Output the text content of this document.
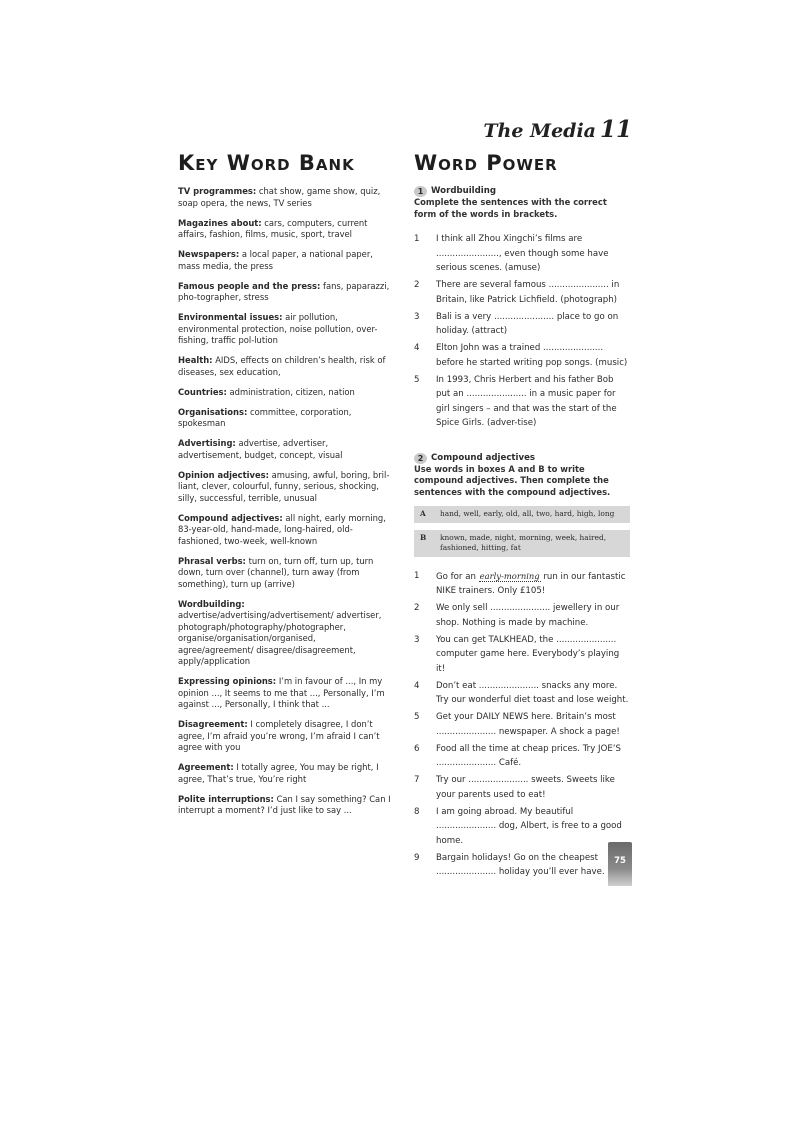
The Media 11
Key Word Bank
TV programmes: chat show, game show, quiz, soap opera, the news, TV series
Magazines about: cars, computers, current affairs, fashion, films, music, sport, travel
Newspapers: a local paper, a national paper, mass media, the press
Famous people and the press: fans, paparazzi, pho-tographer, stress
Environmental issues: air pollution, environmental protection, noise pollution, over-fishing, traffic pol-lution
Health: AIDS, effects on children’s health, risk of diseases, sex education,
Countries: administration, citizen, nation
Organisations: committee, corporation, spokesman
Advertising: advertise, advertiser, advertisement, budget, concept, visual
Opinion adjectives: amusing, awful, boring, bril-liant, clever, colourful, funny, serious, shocking, silly, successful, terrible, unusual
Compound adjectives: all night, early morning, 83-year-old, hand-made, long-haired, old-fashioned, two-week, well-known
Phrasal verbs: turn on, turn off, turn up, turn down, turn over (channel), turn away (from something), turn up (arrive)
Wordbuilding: advertise/advertising/advertisement/ advertiser, photograph/photography/photographer, organise/organisation/organised, agree/agreement/ disagree/disagreement, apply/application
Expressing opinions: I’m in favour of ..., In my opinion ..., It seems to me that ..., Personally, I’m against ..., Personally, I think that ...
Disagreement: I completely disagree, I don’t agree, I’m afraid you’re wrong, I’m afraid I can’t agree with you
Agreement: I totally agree, You may be right, I agree, That’s true, You’re right
Polite interruptions: Can I say something? Can I interrupt a moment? I’d just like to say ...
Word Power
1 Wordbuilding
Complete the sentences with the correct form of the words in brackets.
1	I think all Zhou Xingchi’s films are ......................., even though some have serious scenes. (amuse)
2	There are several famous ...................... in Britain, like Patrick Lichfield. (photograph)
3	Bali is a very ...................... place to go on holiday. (attract)
4	Elton John was a trained ...................... before he started writing pop songs. (music)
5	In 1993, Chris Herbert and his father Bob put an ...................... in a music paper for girl singers – and that was the start of the Spice Girls. (adver-tise)
2 Compound adjectives
Use words in boxes A and B to write compound adjectives. Then complete the sentences with the compound adjectives.
A	hand, well, early, old, all, two, hard, high, long
B	known, made, night, morning, week, haired, fashioned, hitting, fat
1	Go for an early-morning run in our fantastic NIKE trainers. Only £105!
2	We only sell ...................... jewellery in our shop. Nothing is made by machine.
3	You can get TALKHEAD, the ...................... computer game here. Everybody’s playing it!
4	Don’t eat ...................... snacks any more. Try our wonderful diet toast and lose weight.
5	Get your DAILY NEWS here. Britain’s most ...................... newspaper. A shock a page!
6	Food all the time at cheap prices. Try JOE’S ...................... Café.
7	Try our ...................... sweets. Sweets like your parents used to eat!
8	I am going abroad. My beautiful ...................... dog, Albert, is free to a good home.
9	Bargain holidays! Go on the cheapest ...................... holiday you’ll ever have.
75
